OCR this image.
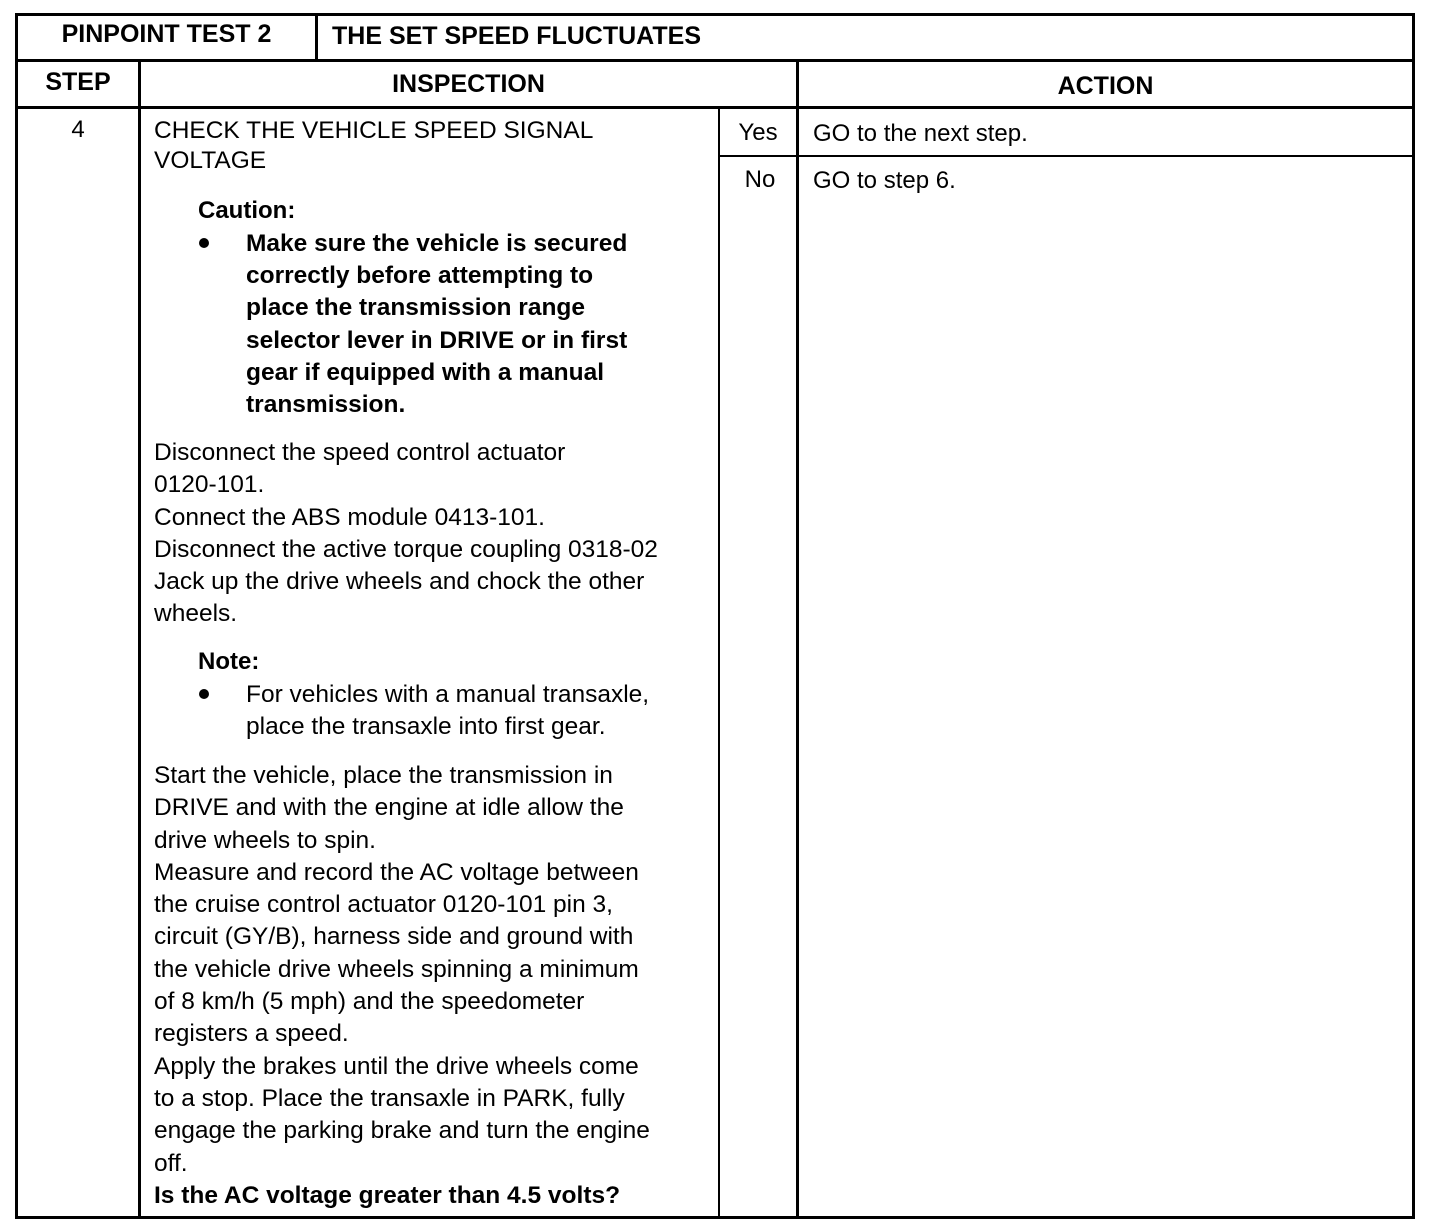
PINPOINT TEST 2	THE SET SPEED FLUCTUATES
STEP	INSPECTION	ACTION
4	CHECK THE VEHICLE SPEED SIGNAL
VOLTAGE
Caution:
Make sure the vehicle is secured
correctly before attempting to
place the transmission range
selector lever in DRIVE or in first
gear if equipped with a manual
transmission.
Disconnect the speed control actuator
0120-101.
Connect the ABS module 0413-101.
Disconnect the active torque coupling 0318-02
Jack up the drive wheels and chock the other
wheels.
Note:
For vehicles with a manual transaxle,
place the transaxle into first gear.
Start the vehicle, place the transmission in
DRIVE and with the engine at idle allow the
drive wheels to spin.
Measure and record the AC voltage between
the cruise control actuator 0120-101 pin 3,
circuit (GY/B), harness side and ground with
the vehicle drive wheels spinning a minimum
of 8 km/h (5 mph) and the speedometer
registers a speed.
Apply the brakes until the drive wheels come
to a stop. Place the transaxle in PARK, fully
engage the parking brake and turn the engine
off.
Is the AC voltage greater than 4.5 volts?
Yes	GO to the next step.
No	GO to step 6.
